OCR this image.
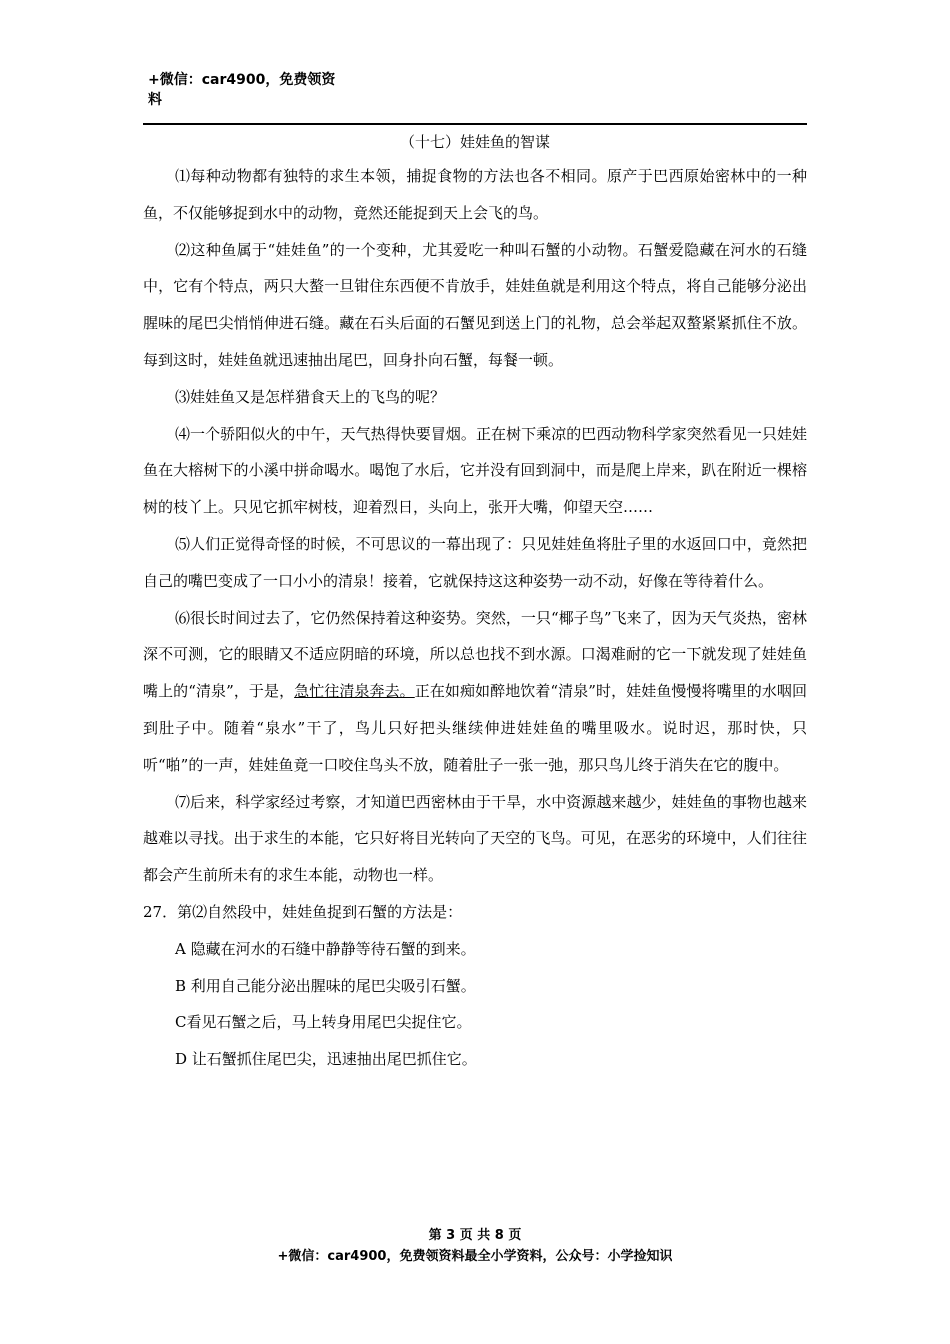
+微信：car4900，免费领资料
（十七）娃娃鱼的智谋

⑴每种动物都有独特的求生本领，捕捉食物的方法也各不相同。原产于巴西原始密林中的一种鱼，不仅能够捉到水中的动物，竟然还能捉到天上会飞的鸟。

⑵这种鱼属于“娃娃鱼”的一个变种，尤其爱吃一种叫石蟹的小动物。石蟹爱隐藏在河水的石缝中，它有个特点，两只大螯一旦钳住东西便不肯放手，娃娃鱼就是利用这个特点，将自己能够分泌出腥味的尾巴尖悄悄伸进石缝。藏在石头后面的石蟹见到送上门的礼物，总会举起双螯紧紧抓住不放。每到这时，娃娃鱼就迅速抽出尾巴，回身扑向石蟹，每餐一顿。

⑶娃娃鱼又是怎样猎食天上的飞鸟的呢？

⑷一个骄阳似火的中午，天气热得快要冒烟。正在树下乘凉的巴西动物科学家突然看见一只娃娃鱼在大榕树下的小溪中拼命喝水。喝饱了水后，它并没有回到洞中，而是爬上岸来，趴在附近一棵榕树的枝丫上。只见它抓牢树枝，迎着烈日，头向上，张开大嘴，仰望天空……

⑸人们正觉得奇怪的时候，不可思议的一幕出现了：只见娃娃鱼将肚子里的水返回口中，竟然把自己的嘴巴变成了一口小小的清泉！接着，它就保持这这种姿势一动不动，好像在等待着什么。

⑹很长时间过去了，它仍然保持着这种姿势。突然，一只“椰子鸟”飞来了，因为天气炎热，密林深不可测，它的眼睛又不适应阴暗的环境，所以总也找不到水源。口渴难耐的它一下就发现了娃娃鱼嘴上的“清泉”，于是，急忙往清泉奔去。正在如痴如醉地饮着“清泉”时，娃娃鱼慢慢将嘴里的水咽回到肚子中。随着“泉水”干了，鸟儿只好把头继续伸进娃娃鱼的嘴里吸水。说时迟，那时快，只听“啪”的一声，娃娃鱼竟一口咬住鸟头不放，随着肚子一张一弛，那只鸟儿终于消失在它的腹中。

⑺后来，科学家经过考察，才知道巴西密林由于干旱，水中资源越来越少，娃娃鱼的事物也越来越难以寻找。出于求生的本能，它只好将目光转向了天空的飞鸟。可见，在恶劣的环境中，人们往往都会产生前所未有的求生本能，动物也一样。

27．第⑵自然段中，娃娃鱼捉到石蟹的方法是：
A 隐藏在河水的石缝中静静等待石蟹的到来。
B 利用自己能分泌出腥味的尾巴尖吸引石蟹。
C看见石蟹之后，马上转身用尾巴尖捉住它。
D 让石蟹抓住尾巴尖，迅速抽出尾巴抓住它。
第 3 页 共 8 页
+微信：car4900，免费领资料最全小学资料，公众号：小学捡知识
